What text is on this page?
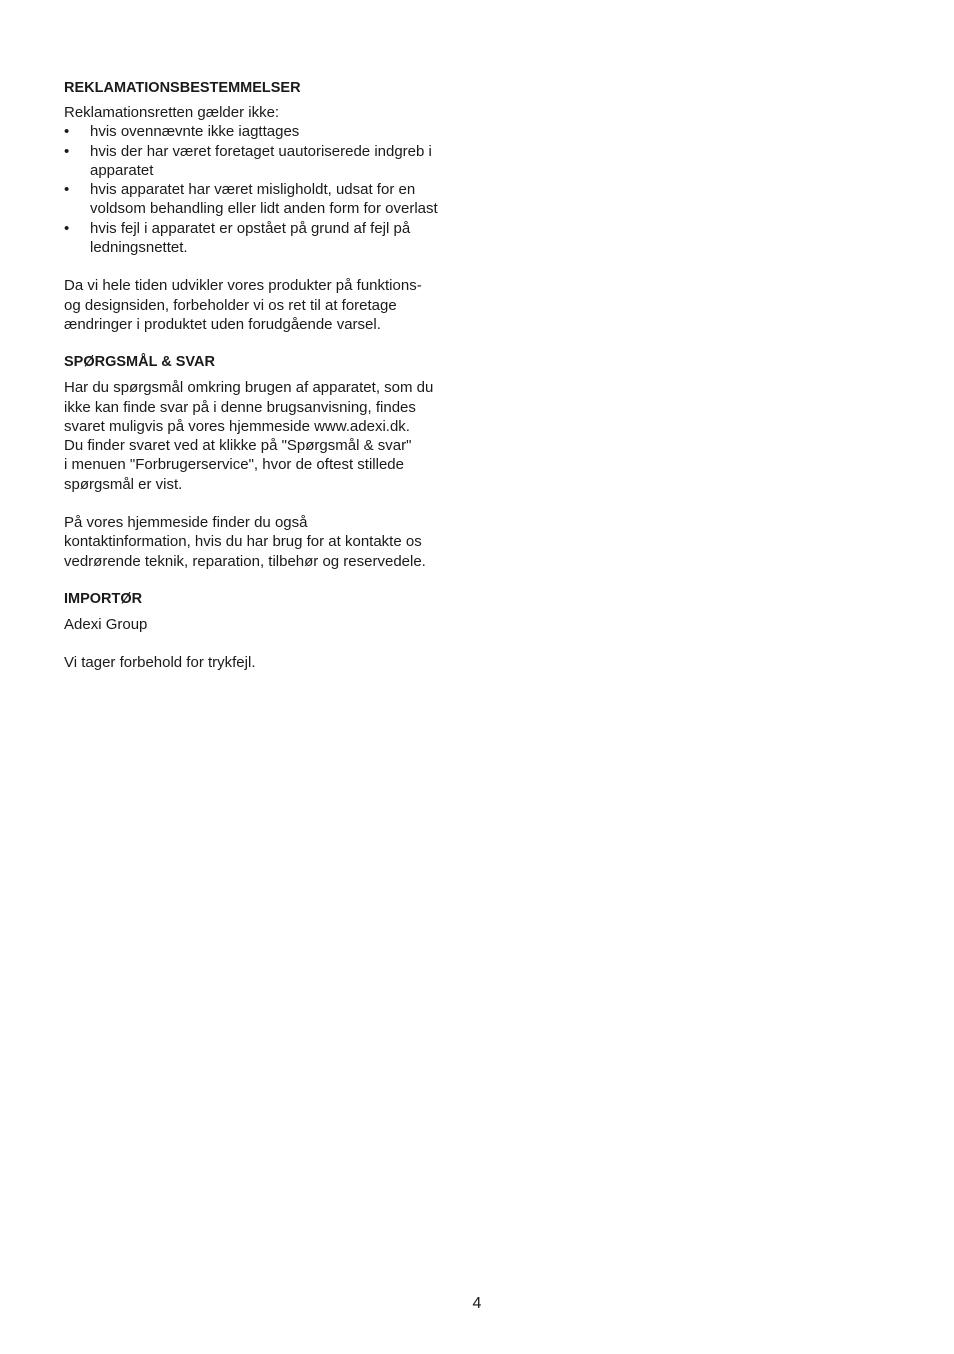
REKLAMATIONSBESTEMMELSER

Reklamationsretten gælder ikke:

• hvis ovennævnte ikke iagttages
• hvis der har været foretaget uautoriserede indgreb i
apparatet
• hvis apparatet har været misligholdt, udsat for en
voldsom behandling eller lidt anden form for overlast
• hvis fejl i apparatet er opstået på grund af fejl på
ledningsnettet.

Da vi hele tiden udvikler vores produkter på funktions-
og designsiden, forbeholder vi os ret til at foretage
ændringer i produktet uden forudgående varsel.

SPØRGSMÅL & SVAR

Har du spørgsmål omkring brugen af apparatet, som du
ikke kan finde svar på i denne brugsanvisning, findes
svaret muligvis på vores hjemmeside www.adexi.dk.
Du finder svaret ved at klikke på "Spørgsmål & svar"
i menuen "Forbrugerservice", hvor de oftest stillede
spørgsmål er vist.

På vores hjemmeside finder du også
kontaktinformation, hvis du har brug for at kontakte os
vedrørende teknik, reparation, tilbehør og reservedele.

IMPORTØR

Adexi Group

Vi tager forbehold for trykfejl.

4
